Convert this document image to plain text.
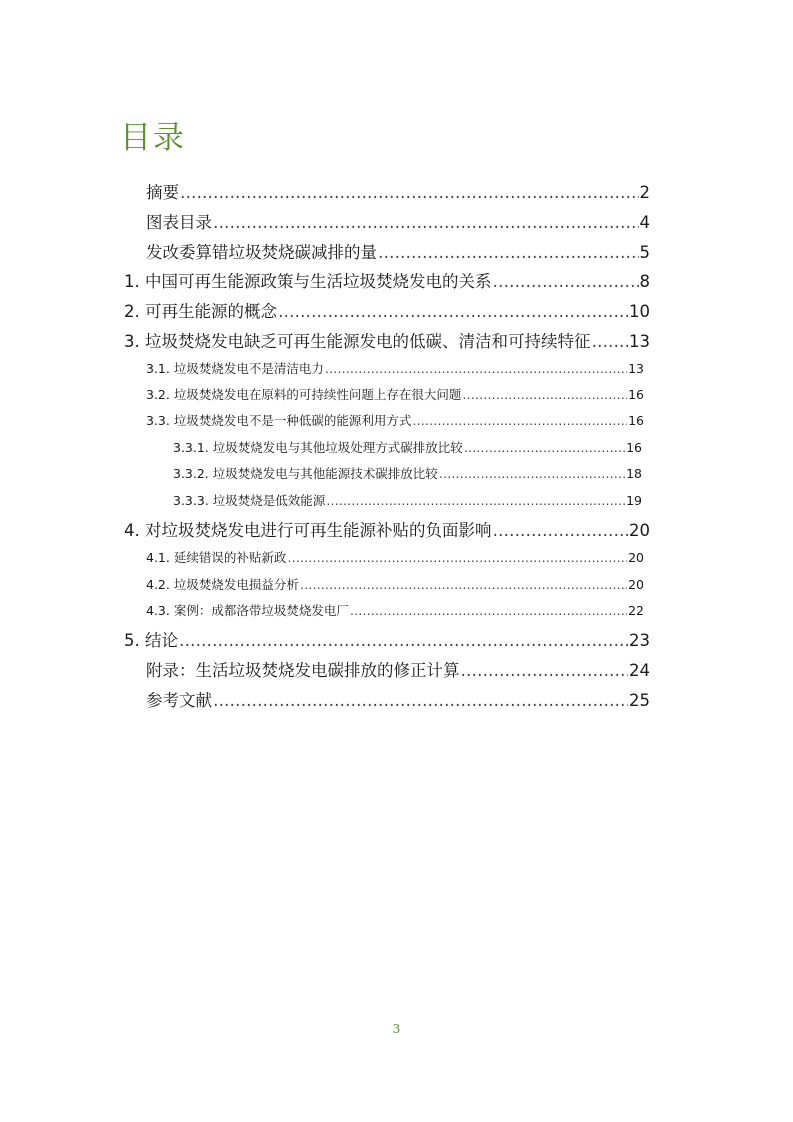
目录
摘要 ……………………………………………………………………………………………………………………………………………………………………………………	2
图表目录 ……………………………………………………………………………………………………………………………………………………………………………………	4
发改委算错垃圾焚烧碳减排的量 ……………………………………………………………………………………………………………………………………………………………………………………	5
1. 中国可再生能源政策与生活垃圾焚烧发电的关系 ……………………………………………………………………………………………………………………………………………………………………………………	8
2. 可再生能源的概念 ……………………………………………………………………………………………………………………………………………………………………………………	10
3. 垃圾焚烧发电缺乏可再生能源发电的低碳、清洁和可持续特征 …………………………………………………………………………………………………………………………………………………………………………………… 13
3.1. 垃圾焚烧发电不是清洁电力 ……………………………………………………………………………………………………………………………………………………………………………………	13
3.2. 垃圾焚烧发电在原料的可持续性问题上存在很大问题 ……………………………………………………………………………………………………………………………………………………………………………………	16
3.3. 垃圾焚烧发电不是一种低碳的能源利用方式 ……………………………………………………………………………………………………………………………………………………………………………………	16
3.3.1. 垃圾焚烧发电与其他垃圾处理方式碳排放比较 ……………………………………………………………………………………………………………………………………………………………………………………	16
3.3.2. 垃圾焚烧发电与其他能源技术碳排放比较 ……………………………………………………………………………………………………………………………………………………………………………………	18
3.3.3. 垃圾焚烧是低效能源 ……………………………………………………………………………………………………………………………………………………………………………………	19
4. 对垃圾焚烧发电进行可再生能源补贴的负面影响 ……………………………………………………………………………………………………………………………………………………………………………………	20
4.1. 延续错误的补贴新政 ……………………………………………………………………………………………………………………………………………………………………………………	20
4.2. 垃圾焚烧发电损益分析 ……………………………………………………………………………………………………………………………………………………………………………………	20
4.3. 案例：成都洛带垃圾焚烧发电厂 ……………………………………………………………………………………………………………………………………………………………………………………	22
5. 结论 ……………………………………………………………………………………………………………………………………………………………………………………	23
附录：生活垃圾焚烧发电碳排放的修正计算 ……………………………………………………………………………………………………………………………………………………………………………………	24
参考文献 ……………………………………………………………………………………………………………………………………………………………………………………	25
3
